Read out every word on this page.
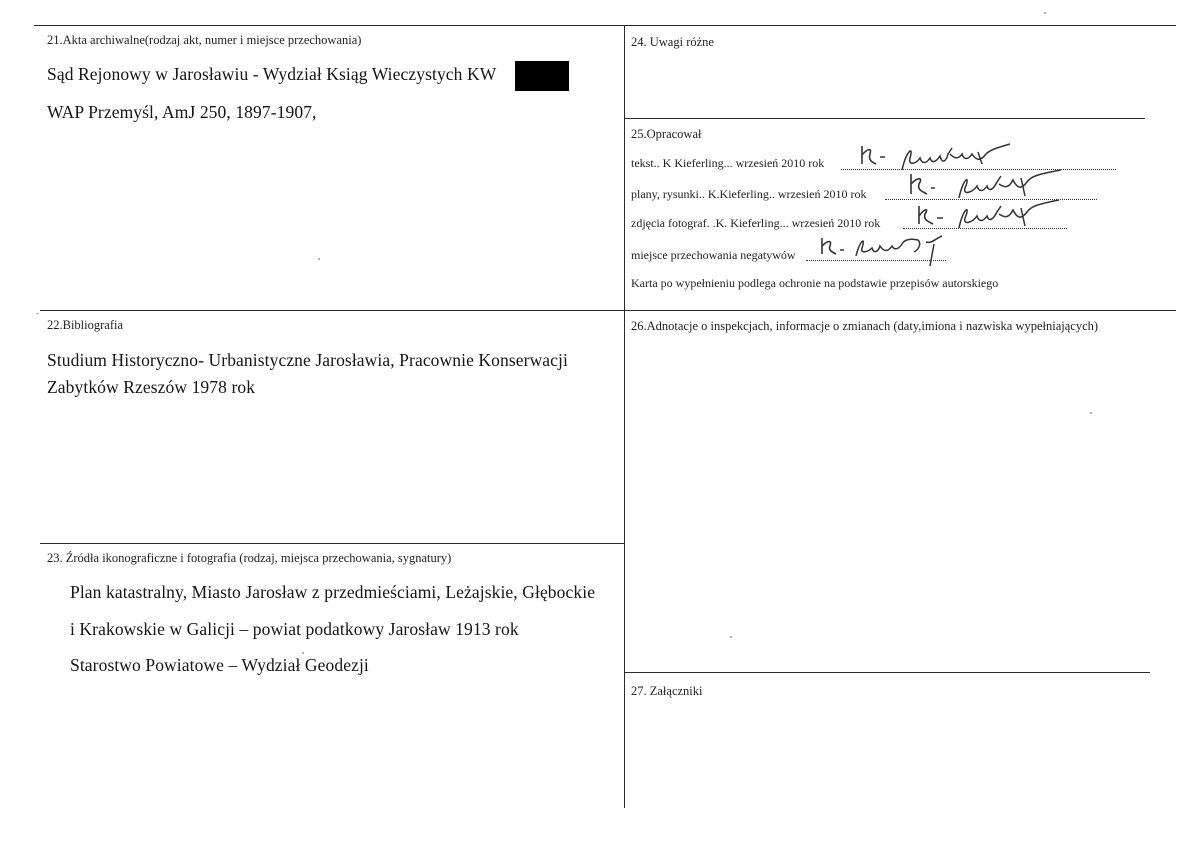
21.Akta archiwalne(rodzaj akt, numer i miejsce przechowania)
Sąd Rejonowy w Jarosławiu - Wydział Ksiąg Wieczystych KW
WAP Przemyśl, AmJ 250, 1897-1907,
24. Uwagi różne
25.Opracował
tekst.. K Kieferling... wrzesień 2010 rok
plany, rysunki.. K.Kieferling.. wrzesień 2010 rok
zdjęcia fotograf. .K. Kieferling... wrzesień 2010 rok
miejsce przechowania negatywów
Karta po wypełnieniu podlega ochronie na podstawie przepisów autorskiego
22.Bibliografia
Studium Historyczno- Urbanistyczne Jarosławia, Pracownie Konserwacji
Zabytków Rzeszów 1978 rok
26.Adnotacje o inspekcjach, informacje o zmianach (daty,imiona i nazwiska wypełniających)
23. Źródła ikonograficzne i fotografia (rodzaj, miejsca przechowania, sygnatury)
Plan katastralny, Miasto Jarosław z przedmieściami, Leżajskie, Głębockie
i Krakowskie w Galicji – powiat podatkowy Jarosław 1913 rok
Starostwo Powiatowe – Wydział Geodezji
27. Załączniki
